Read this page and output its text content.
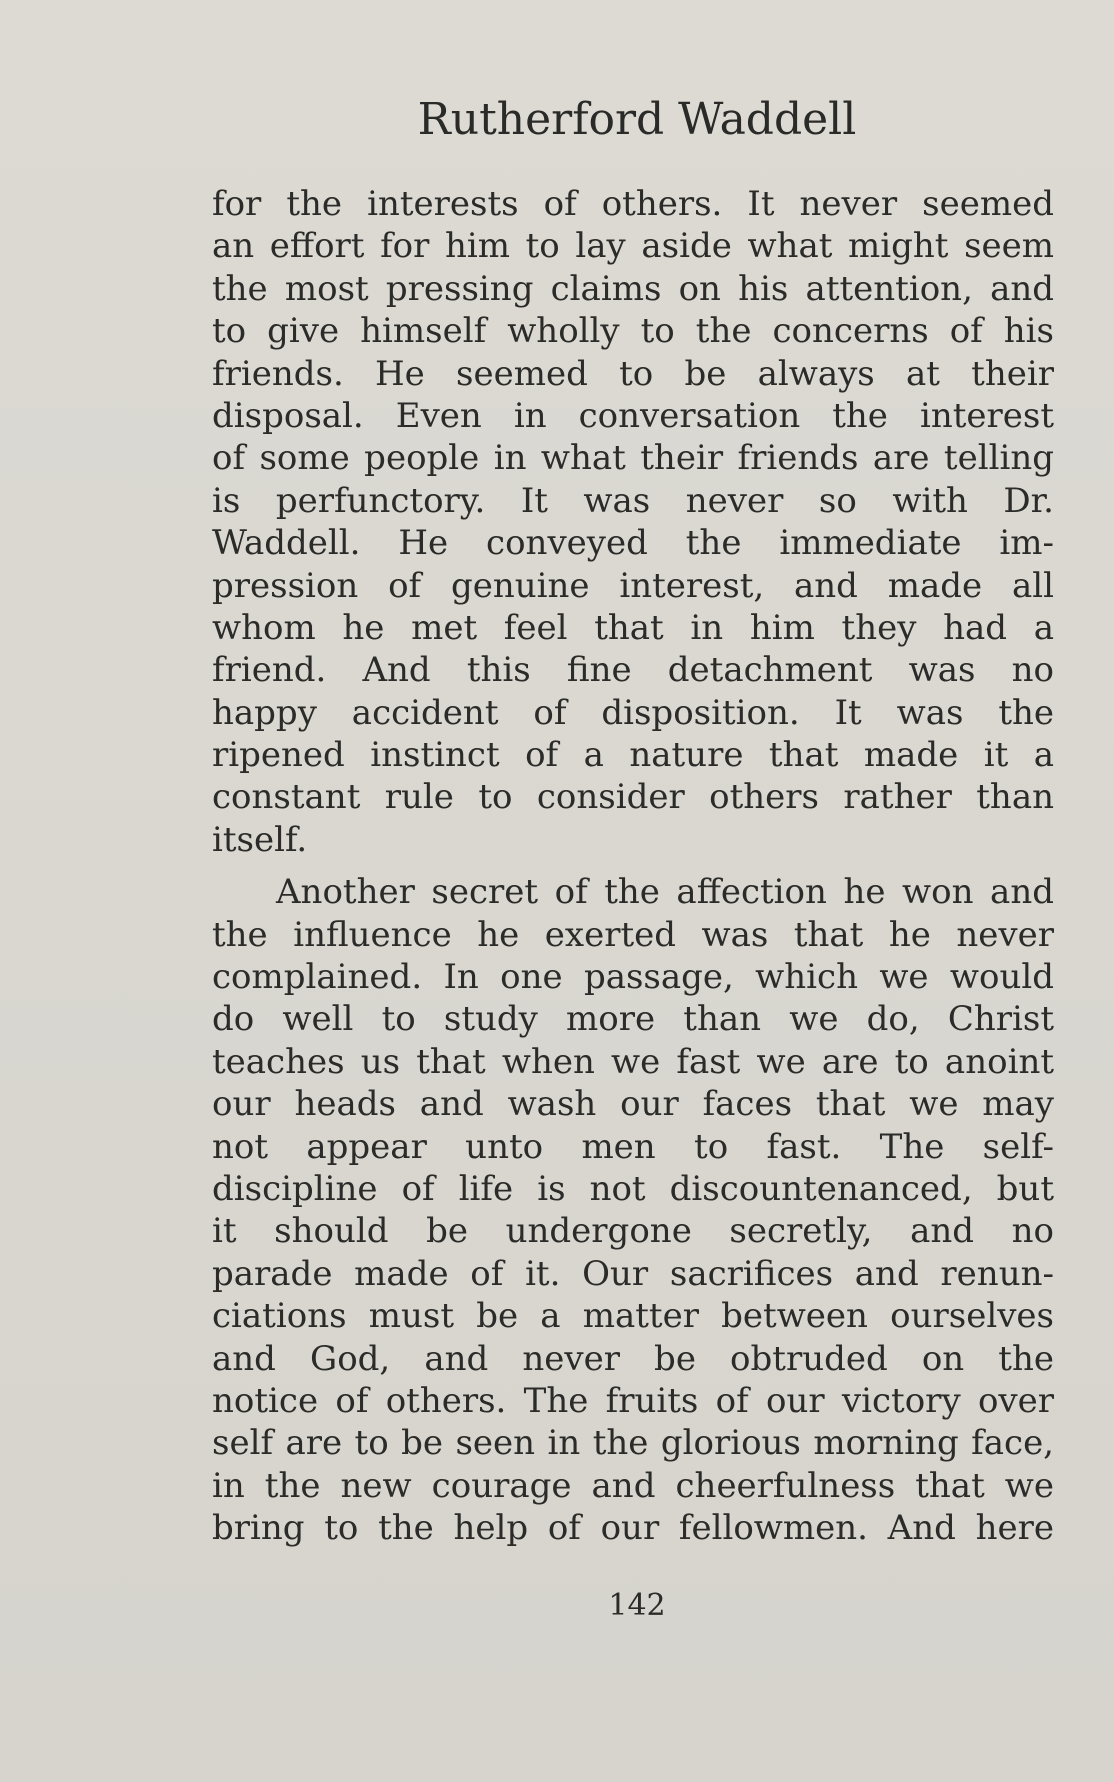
Rutherford Waddell
for the interests of others. It never seemed
an effort for him to lay aside what might seem
the most pressing claims on his attention, and
to give himself wholly to the concerns of his
friends. He seemed to be always at their
disposal. Even in conversation the interest
of some people in what their friends are telling
is perfunctory. It was never so with Dr.
Waddell. He conveyed the immediate im-
pression of genuine interest, and made all
whom he met feel that in him they had a
friend. And this fine detachment was no
happy accident of disposition. It was the
ripened instinct of a nature that made it a
constant rule to consider others rather than
itself.
Another secret of the affection he won and
the influence he exerted was that he never
complained. In one passage, which we would
do well to study more than we do, Christ
teaches us that when we fast we are to anoint
our heads and wash our faces that we may
not appear unto men to fast. The self-
discipline of life is not discountenanced, but
it should be undergone secretly, and no
parade made of it. Our sacrifices and renun-
ciations must be a matter between ourselves
and God, and never be obtruded on the
notice of others. The fruits of our victory over
self are to be seen in the glorious morning face,
in the new courage and cheerfulness that we
bring to the help of our fellowmen. And here
142
